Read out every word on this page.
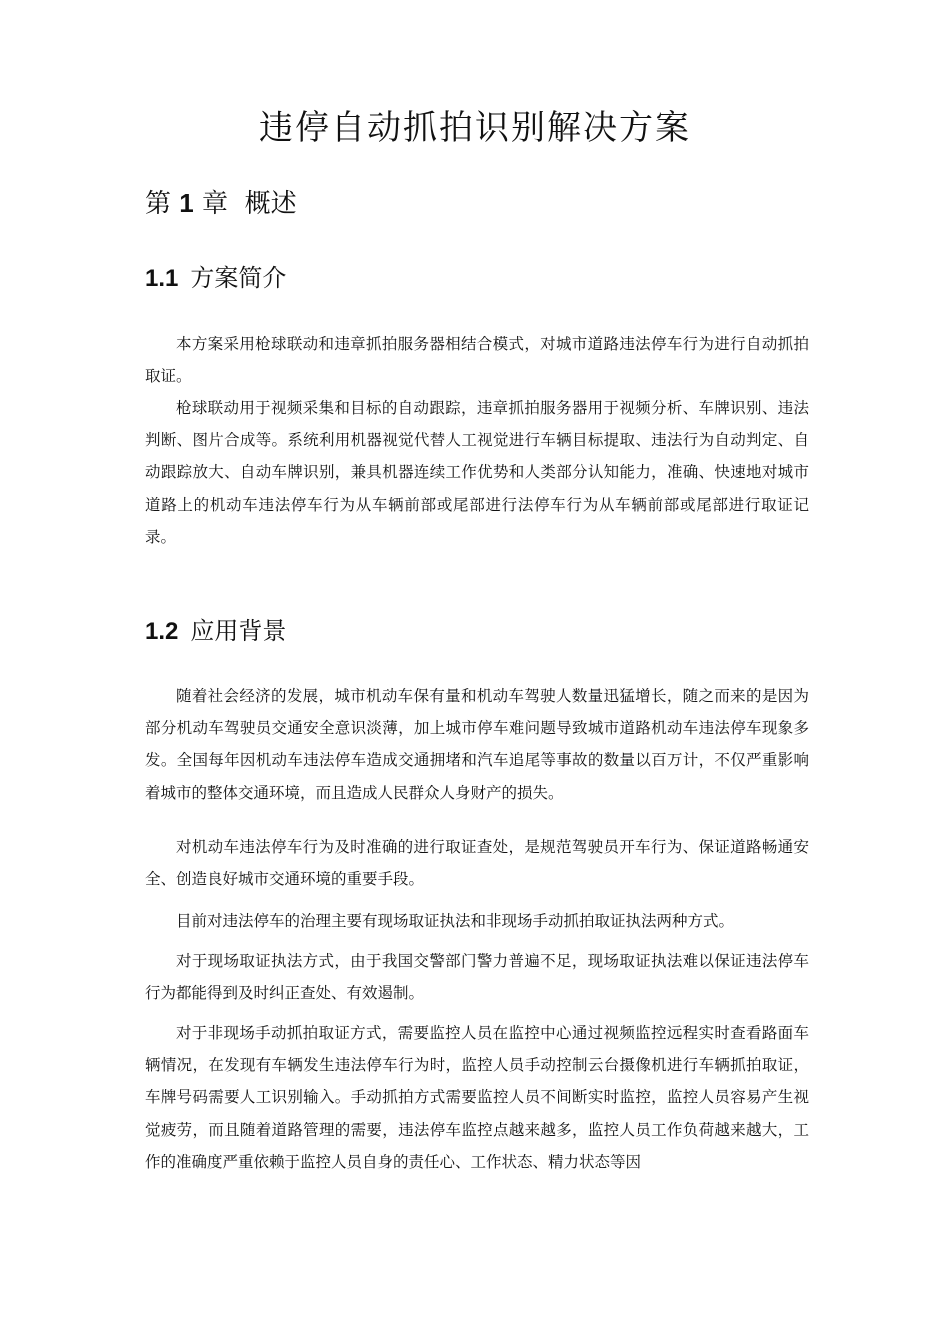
违停自动抓拍识别解决方案
第 1 章 概述
1.1 方案简介

本方案采用枪球联动和违章抓拍服务器相结合模式，对城市道路违法停车行为进行自动抓拍取证。

枪球联动用于视频采集和目标的自动跟踪，违章抓拍服务器用于视频分析、车牌识别、违法判断、图片合成等。系统利用机器视觉代替人工视觉进行车辆目标提取、违法行为自动判定、自动跟踪放大、自动车牌识别，兼具机器连续工作优势和人类部分认知能力，准确、快速地对城市道路上的机动车违法停车行为从车辆前部或尾部进行法停车行为从车辆前部或尾部进行取证记录。

1.2 应用背景

随着社会经济的发展，城市机动车保有量和机动车驾驶人数量迅猛增长，随之而来的是因为部分机动车驾驶员交通安全意识淡薄，加上城市停车难问题导致城市道路机动车违法停车现象多发。全国每年因机动车违法停车造成交通拥堵和汽车追尾等事故的数量以百万计，不仅严重影响着城市的整体交通环境，而且造成人民群众人身财产的损失。

对机动车违法停车行为及时准确的进行取证查处，是规范驾驶员开车行为、保证道路畅通安全、创造良好城市交通环境的重要手段。

目前对违法停车的治理主要有现场取证执法和非现场手动抓拍取证执法两种方式。

对于现场取证执法方式，由于我国交警部门警力普遍不足，现场取证执法难以保证违法停车行为都能得到及时纠正查处、有效遏制。

对于非现场手动抓拍取证方式，需要监控人员在监控中心通过视频监控远程实时查看路面车辆情况，在发现有车辆发生违法停车行为时，监控人员手动控制云台摄像机进行车辆抓拍取证，车牌号码需要人工识别输入。手动抓拍方式需要监控人员不间断实时监控，监控人员容易产生视觉疲劳，而且随着道路管理的需要，违法停车监控点越来越多，监控人员工作负荷越来越大，工作的准确度严重依赖于监控人员自身的责任心、工作状态、精力状态等因
